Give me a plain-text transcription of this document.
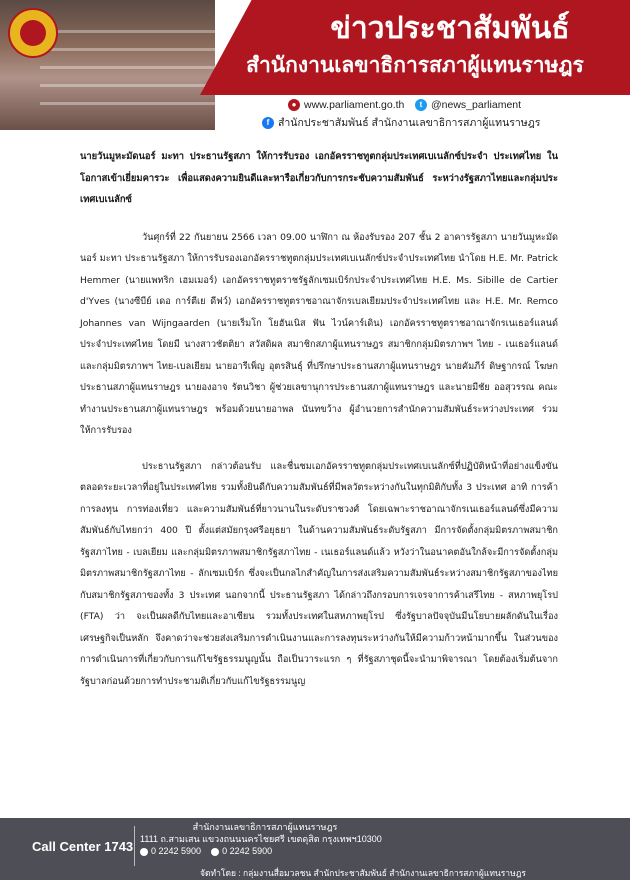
ข่าวประชาสัมพันธ์
สำนักงานเลขาธิการสภาผู้แทนราษฎร
● www.parliament.go.th	t @news_parliament
f สำนักประชาสัมพันธ์ สำนักงานเลขาธิการสภาผู้แทนราษฎร

นายวันมูหะมัดนอร์ มะทา ประธานรัฐสภา ให้การรับรอง เอกอัครราชทูตกลุ่มประเทศเบเนลักซ์ประจำ ประเทศไทย ในโอกาสเข้าเยี่ยมคารวะ เพื่อแสดงความยินดีและหารือเกี่ยวกับการกระชับความสัมพันธ์ ระหว่างรัฐสภาไทยและกลุ่มประเทศเบเนลักซ์

วันศุกร์ที่ 22 กันยายน 2566 เวลา 09.00 นาฬิกา ณ ห้องรับรอง 207 ชั้น 2 อาคารรัฐสภา นายวันมูหะมัดนอร์ มะทา ประธานรัฐสภา ให้การรับรองเอกอัครราชทูตกลุ่มประเทศเบเนลักซ์ประจำประเทศไทย นำโดย H.E. Mr. Patrick Hemmer (นายแพทริก เฮมเมอร์) เอกอัครราชทูตราชรัฐลักเซมเบิร์กประจำประเทศไทย H.E. Ms. Sibille de Cartier d'Yves (นางซีบีย์ เดอ การ์ตีเย ดีฟว์) เอกอัครราชทูตราชอาณาจักรเบลเยียมประจำประเทศไทย และ H.E. Mr. Remco Johannes van Wijngaarden (นายเร็มโก โยฮันเนิส ฟัน ไวน์คาร์เดิน) เอกอัครราชทูตราชอาณาจักรเนเธอร์แลนด์ ประจำประเทศไทย โดยมี นางสาวชัตติยา สวัสดิผล สมาชิกสภาผู้แทนราษฎร สมาชิกกลุ่มมิตรภาพฯ ไทย - เนเธอร์แลนด์และกลุ่มมิตรภาพฯ ไทย-เบลเยียม นายอารีเพ็ญ อุตรสินธุ์ ที่ปรึกษาประธานสภาผู้แทนราษฎร นายคัมภีร์ ดิษฐากรณ์ โฆษกประธานสภาผู้แทนราษฎร นายองอาจ รัตนวิชา ผู้ช่วยเลขานุการประธานสภาผู้แทนราษฎร และนายมีชัย ออสุวรรณ คณะทำงานประธานสภาผู้แทนราษฎร พร้อมด้วยนายอาพล นันทขว้าง ผู้อำนวยการสำนักความสัมพันธ์ระหว่างประเทศ ร่วมให้การรับรอง

ประธานรัฐสภา กล่าวต้อนรับ และชื่นชมเอกอัครราชทูตกลุ่มประเทศเบเนลักซ์ที่ปฏิบัติหน้าที่อย่างแข็งขันตลอดระยะเวลาที่อยู่ในประเทศไทย รวมทั้งยินดีกับความสัมพันธ์ที่มีพลวัตระหว่างกันในทุกมิติกับทั้ง 3 ประเทศ อาทิ การค้าการลงทุน การท่องเที่ยว และความสัมพันธ์ที่ยาวนานในระดับราชวงศ์ โดยเฉพาะราชอาณาจักรเนเธอร์แลนด์ซึ่งมีความสัมพันธ์กับไทยกว่า 400 ปี ตั้งแต่สมัยกรุงศรีอยุธยา ในด้านความสัมพันธ์ระดับรัฐสภา มีการจัดตั้งกลุ่มมิตรภาพสมาชิกรัฐสภาไทย - เบลเยียม และกลุ่มมิตรภาพสมาชิกรัฐสภาไทย - เนเธอร์แลนด์แล้ว หวังว่าในอนาคตอันใกล้จะมีการจัดตั้งกลุ่มมิตรภาพสมาชิกรัฐสภาไทย - ลักเซมเบิร์ก ซึ่งจะเป็นกลไกสำคัญในการส่งเสริมความสัมพันธ์ระหว่างสมาชิกรัฐสภาของไทยกับสมาชิกรัฐสภาของทั้ง 3 ประเทศ นอกจากนี้ ประธานรัฐสภา ได้กล่าวถึงกรอบการเจรจาการค้าเสรีไทย - สหภาพยุโรป (FTA) ว่า จะเป็นผลดีกับไทยและอาเซียน รวมทั้งประเทศในสหภาพยุโรป ซึ่งรัฐบาลปัจจุบันมีนโยบายผลักดันในเรื่องเศรษฐกิจเป็นหลัก จึงคาดว่าจะช่วยส่งเสริมการดำเนินงานและการลงทุนระหว่างกันให้มีความก้าวหน้ามากขึ้น ในส่วนของการดำเนินการที่เกี่ยวกับการแก้ไขรัฐธรรมนูญนั้น ถือเป็นวาระแรก ๆ ที่รัฐสภาชุดนี้จะนำมาพิจารณา โดยต้องเริ่มต้นจากรัฐบาลก่อนด้วยการทำประชามติเกี่ยวกับแก้ไขรัฐธรรมนูญ

Call Center 1743
สำนักงานเลขาธิการสภาผู้แทนราษฎร
1111 ถ.สามเสน แขวงถนนนครไชยศรี เขตดุสิต กรุงเทพฯ10300
0 2242 5900	0 2242 5900
จัดทำโดย : กลุ่มงานสื่อมวลชน สำนักประชาสัมพันธ์ สำนักงานเลขาธิการสภาผู้แทนราษฎร
